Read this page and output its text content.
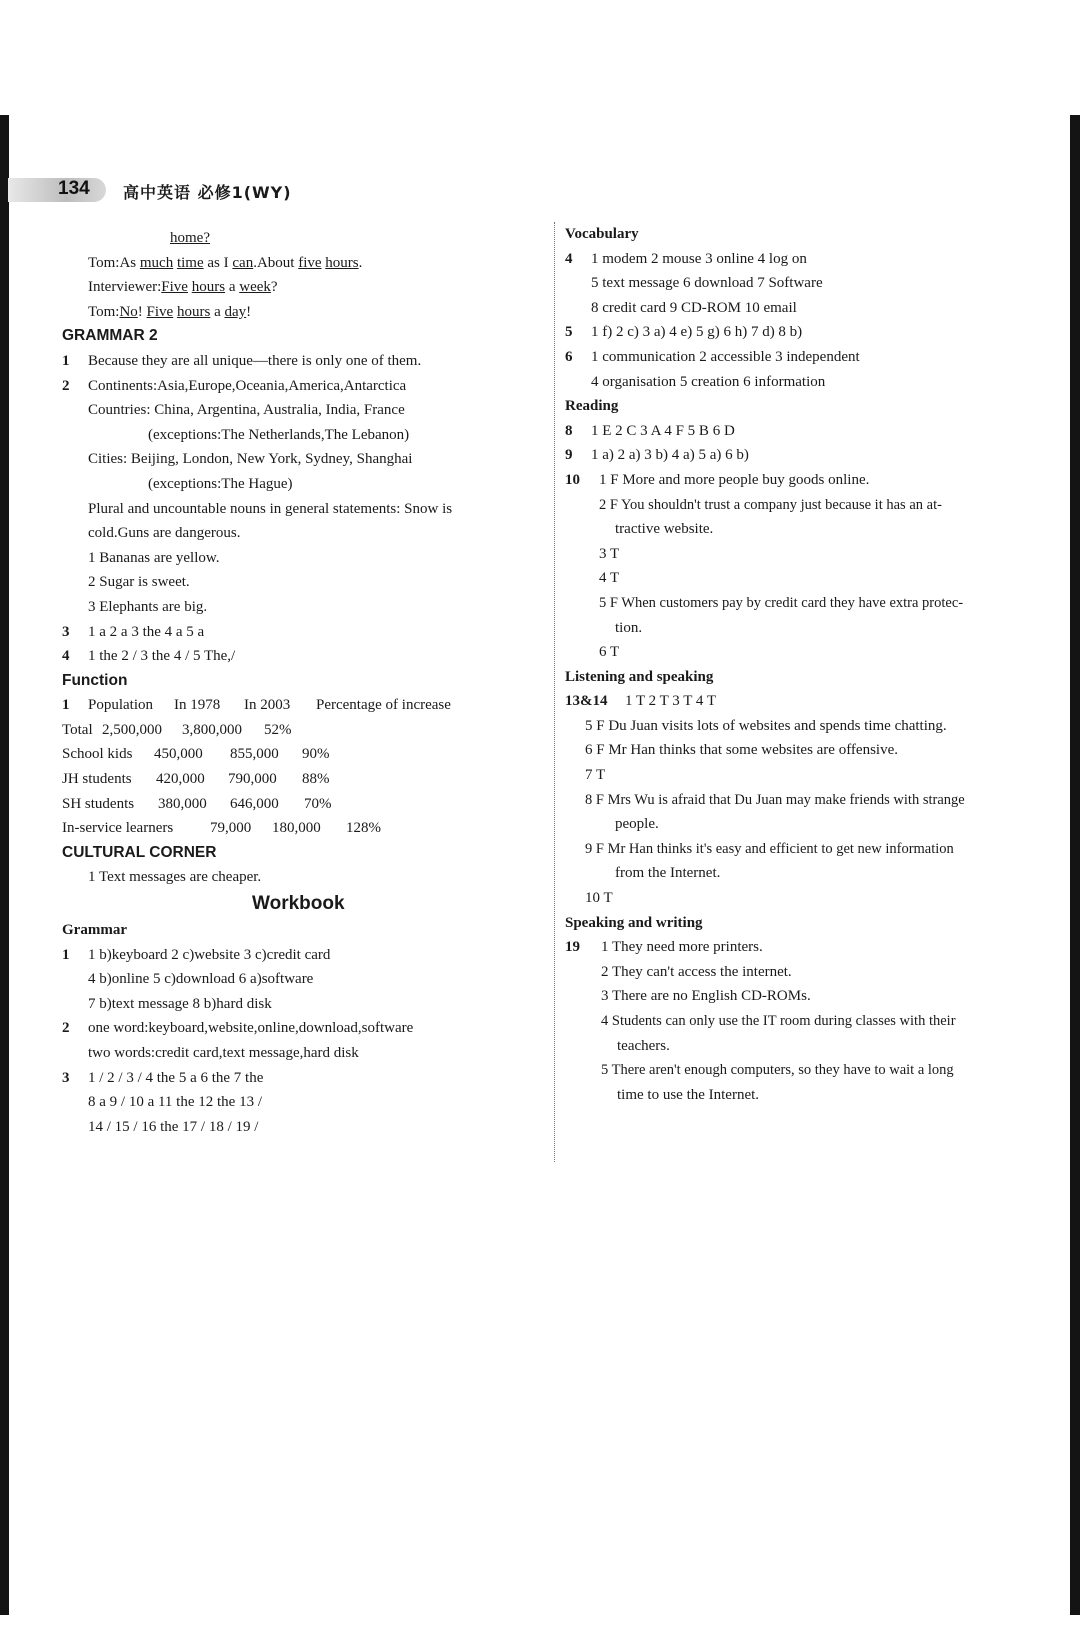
134 高中英语 必修1(WY)
home?
Tom:As much time as I can.About five hours.
Interviewer:Five hours a week?
Tom:No! Five hours a day!
GRAMMAR 2
1 Because they are all unique—there is only one of them.
2 Continents:Asia,Europe,Oceania,America,Antarctica
Countries: China, Argentina, Australia, India, France
(exceptions:The Netherlands,The Lebanon)
Cities: Beijing, London, New York, Sydney, Shanghai
(exceptions:The Hague)
Plural and uncountable nouns in general statements: Snow is
cold.Guns are dangerous.
1 Bananas are yellow.
2 Sugar is sweet.
3 Elephants are big.
3 1 a 2 a 3 the 4 a 5 a
4 1 the 2 / 3 the 4 / 5 The,/
Function
1 Population In 1978 In 2003 Percentage of increase
Total 2,500,000 3,800,000 52%
School kids 450,000 855,000 90%
JH students 420,000 790,000 88%
SH students 380,000 646,000 70%
In-service learners 79,000 180,000 128%
CULTURAL CORNER
1 Text messages are cheaper.
Workbook
Grammar
1 1 b)keyboard 2 c)website 3 c)credit card
4 b)online 5 c)download 6 a)software
7 b)text message 8 b)hard disk
2 one word:keyboard,website,online,download,software
two words:credit card,text message,hard disk
3 1 / 2 / 3 / 4 the 5 a 6 the 7 the
8 a 9 / 10 a 11 the 12 the 13 /
14 / 15 / 16 the 17 / 18 / 19 /
Vocabulary
4 1 modem 2 mouse 3 online 4 log on
5 text message 6 download 7 Software
8 credit card 9 CD-ROM 10 email
5 1 f) 2 c) 3 a) 4 e) 5 g) 6 h) 7 d) 8 b)
6 1 communication 2 accessible 3 independent
4 organisation 5 creation 6 information
Reading
8 1 E 2 C 3 A 4 F 5 B 6 D
9 1 a) 2 a) 3 b) 4 a) 5 a) 6 b)
10 1 F More and more people buy goods online.
2 F You shouldn't trust a company just because it has an at-
tractive website.
3 T
4 T
5 F When customers pay by credit card they have extra protec-
tion.
6 T
Listening and speaking
13&14 1 T 2 T 3 T 4 T
5 F Du Juan visits lots of websites and spends time chatting.
6 F Mr Han thinks that some websites are offensive.
7 T
8 F Mrs Wu is afraid that Du Juan may make friends with strange
people.
9 F Mr Han thinks it's easy and efficient to get new information
from the Internet.
10 T
Speaking and writing
19 1 They need more printers.
2 They can't access the internet.
3 There are no English CD-ROMs.
4 Students can only use the IT room during classes with their
teachers.
5 There aren't enough computers, so they have to wait a long
time to use the Internet.
